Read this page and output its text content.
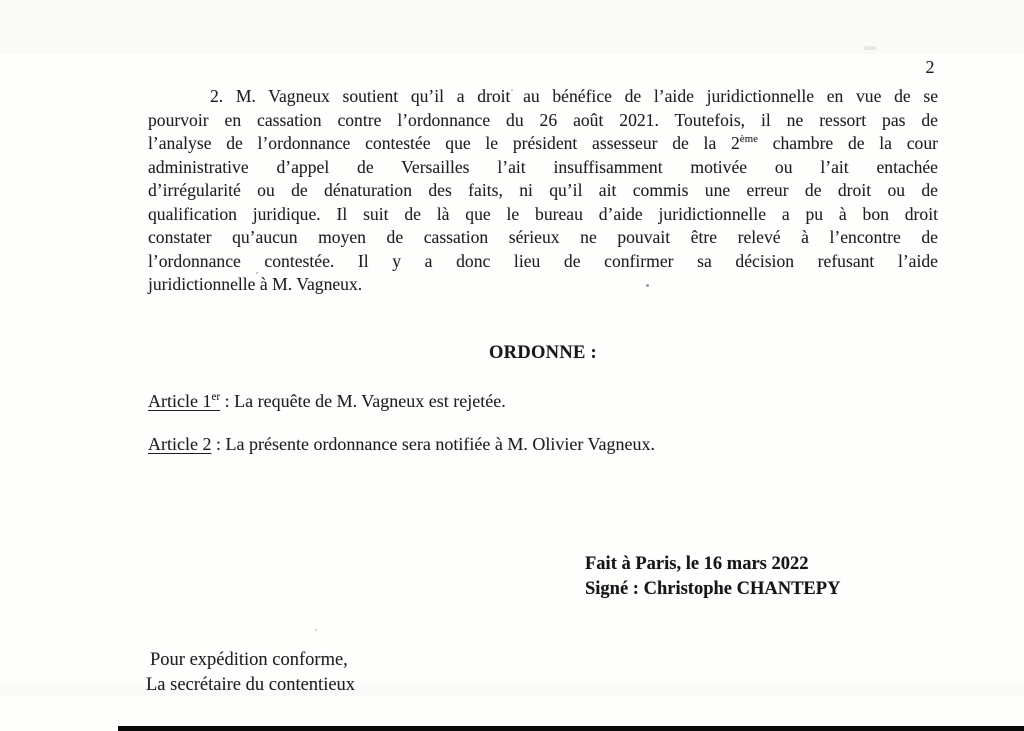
2
2. M. Vagneux soutient qu’il a droit au bénéfice de l’aide juridictionnelle en vue de se
pourvoir en cassation contre l’ordonnance du 26 août 2021. Toutefois, il ne ressort pas de
l’analyse de l’ordonnance contestée que le président assesseur de la 2ème chambre de la cour
administrative d’appel de Versailles l’ait insuffisamment motivée ou l’ait entachée
d’irrégularité ou de dénaturation des faits, ni qu’il ait commis une erreur de droit ou de
qualification juridique. Il suit de là que le bureau d’aide juridictionnelle a pu à bon droit
constater qu’aucun moyen de cassation sérieux ne pouvait être relevé à l’encontre de
l’ordonnance contestée. Il y a donc lieu de confirmer sa décision refusant l’aide
juridictionnelle à M. Vagneux.
ORDONNE :
Article 1er : La requête de M. Vagneux est rejetée.
Article 2 : La présente ordonnance sera notifiée à M. Olivier Vagneux.
Fait à Paris, le 16 mars 2022
Signé : Christophe CHANTEPY
Pour expédition conforme,
La secrétaire du contentieux
